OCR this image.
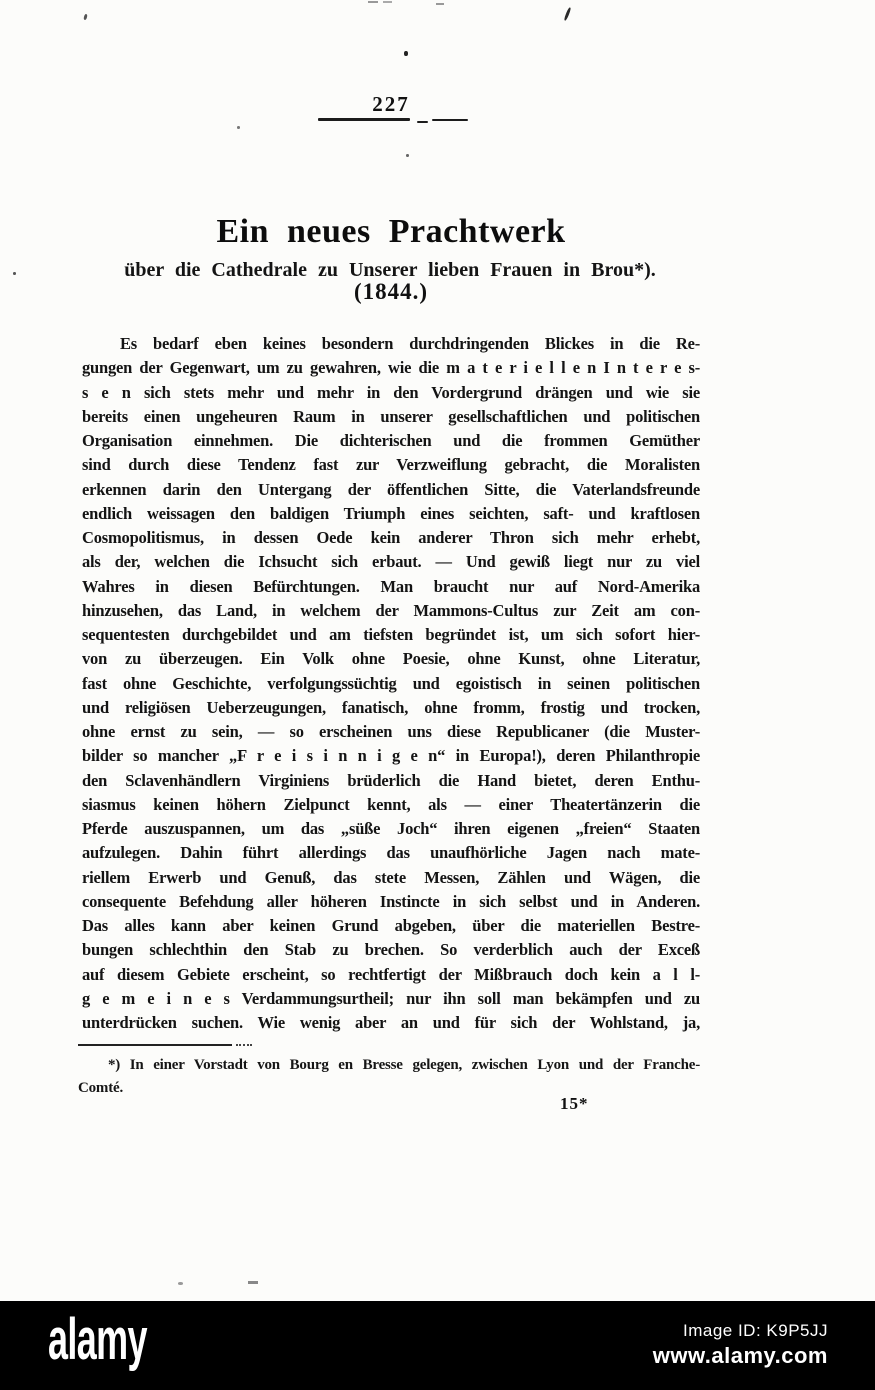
227
Ein neues Prachtwerk
über die Cathedrale zu Unserer lieben Frauen in Brou*).
(1844.)
Es bedarf eben keines besondern durchdringenden Blickes in die Re-
gungen der Gegenwart, um zu gewahren, wie die m a t e r i e l l e n I n t e r e s-
s e n sich stets mehr und mehr in den Vordergrund drängen und wie sie
bereits einen ungeheuren Raum in unserer gesellschaftlichen und politischen
Organisation einnehmen. Die dichterischen und die frommen Gemüther
sind durch diese Tendenz fast zur Verzweiflung gebracht, die Moralisten
erkennen darin den Untergang der öffentlichen Sitte, die Vaterlandsfreunde
endlich weissagen den baldigen Triumph eines seichten, saft- und kraftlosen
Cosmopolitismus, in dessen Oede kein anderer Thron sich mehr erhebt,
als der, welchen die Ichsucht sich erbaut. — Und gewiß liegt nur zu viel
Wahres in diesen Befürchtungen. Man braucht nur auf Nord-Amerika
hinzusehen, das Land, in welchem der Mammons-Cultus zur Zeit am con-
sequentesten durchgebildet und am tiefsten begründet ist, um sich sofort hier-
von zu überzeugen. Ein Volk ohne Poesie, ohne Kunst, ohne Literatur,
fast ohne Geschichte, verfolgungssüchtig und egoistisch in seinen politischen
und religiösen Ueberzeugungen, fanatisch, ohne fromm, frostig und trocken,
ohne ernst zu sein, — so erscheinen uns diese Republicaner (die Muster-
bilder so mancher „F r e i s i n n i g e n“ in Europa!), deren Philanthropie
den Sclavenhändlern Virginiens brüderlich die Hand bietet, deren Enthu-
siasmus keinen höhern Zielpunct kennt, als — einer Theatertänzerin die
Pferde auszuspannen, um das „süße Joch“ ihren eigenen „freien“ Staaten
aufzulegen. Dahin führt allerdings das unaufhörliche Jagen nach mate-
riellem Erwerb und Genuß, das stete Messen, Zählen und Wägen, die
consequente Befehdung aller höheren Instincte in sich selbst und in Anderen.
Das alles kann aber keinen Grund abgeben, über die materiellen Bestre-
bungen schlechthin den Stab zu brechen. So verderblich auch der Exceß
auf diesem Gebiete erscheint, so rechtfertigt der Mißbrauch doch kein a l l-
g e m e i n e s Verdammungsurtheil; nur ihn soll man bekämpfen und zu
unterdrücken suchen. Wie wenig aber an und für sich der Wohlstand, ja,
*) In einer Vorstadt von Bourg en Bresse gelegen, zwischen Lyon und der Franche-
Comté.
15*
alamy	Image ID: K9P5JJ
www.alamy.com
